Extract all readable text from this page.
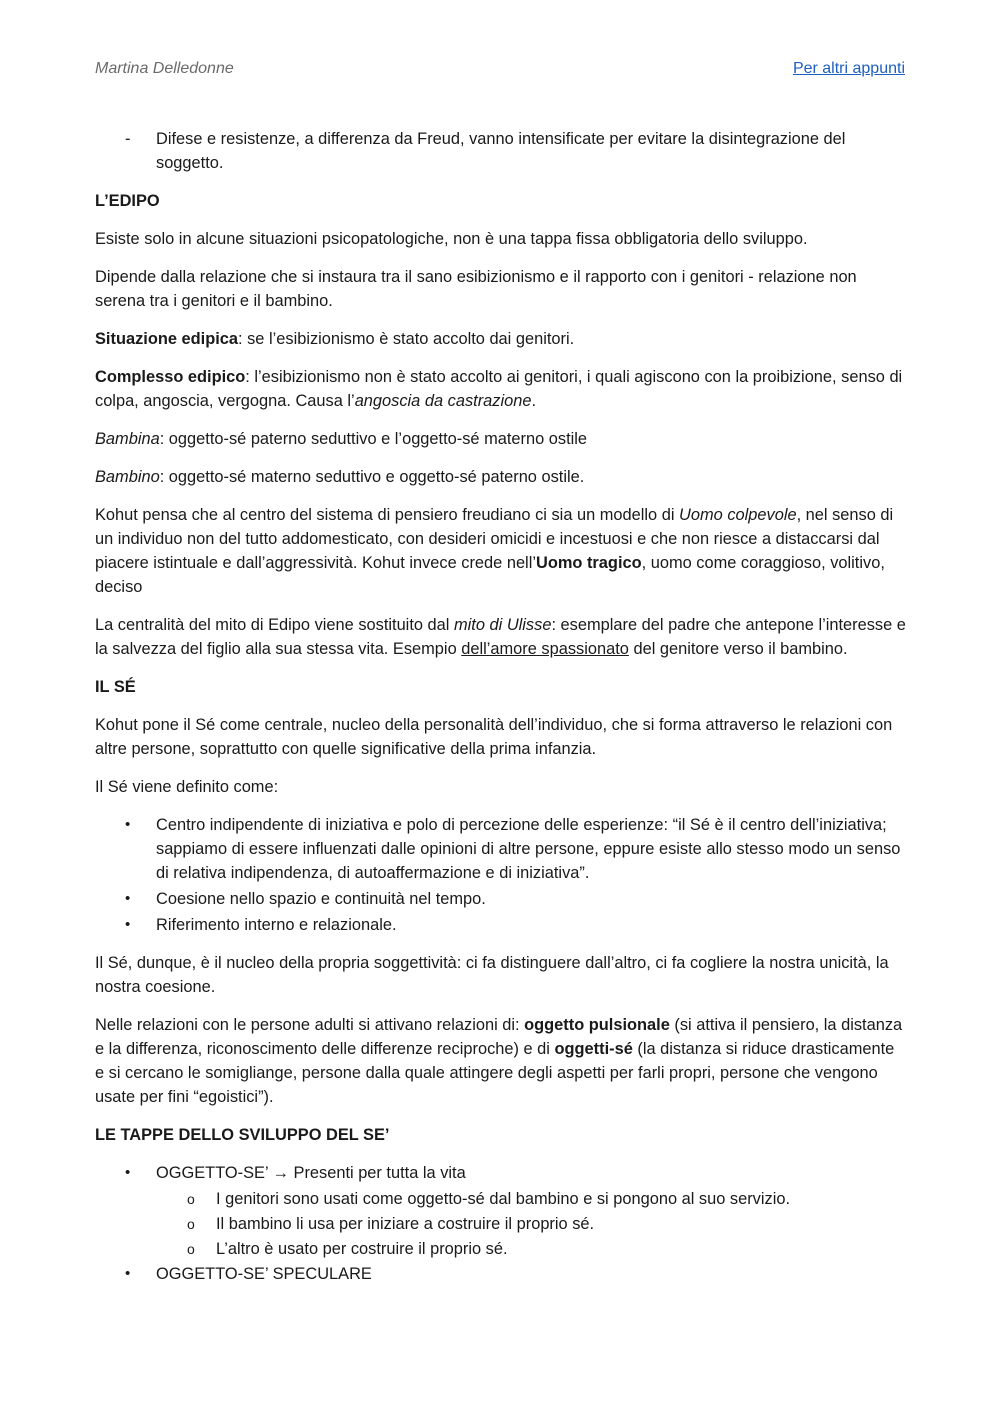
Martina Delledonne	Per altri appunti
- Difese e resistenze, a differenza da Freud, vanno intensificate per evitare la disintegrazione del soggetto.
L’EDIPO

Esiste solo in alcune situazioni psicopatologiche, non è una tappa fissa obbligatoria dello sviluppo.

Dipende dalla relazione che si instaura tra il sano esibizionismo e il rapporto con i genitori - relazione non serena tra i genitori e il bambino.

Situazione edipica: se l’esibizionismo è stato accolto dai genitori.

Complesso edipico: l’esibizionismo non è stato accolto ai genitori, i quali agiscono con la proibizione, senso di colpa, angoscia, vergogna. Causa l’angoscia da castrazione.

Bambina: oggetto-sé paterno seduttivo e l’oggetto-sé materno ostile

Bambino: oggetto-sé materno seduttivo e oggetto-sé paterno ostile.

Kohut pensa che al centro del sistema di pensiero freudiano ci sia un modello di Uomo colpevole, nel senso di un individuo non del tutto addomesticato, con desideri omicidi e incestuosi e che non riesce a distaccarsi dal piacere istintuale e dall’aggressività. Kohut invece crede nell’Uomo tragico, uomo come coraggioso, volitivo, deciso

La centralità del mito di Edipo viene sostituito dal mito di Ulisse: esemplare del padre che antepone l’interesse e la salvezza del figlio alla sua stessa vita. Esempio dell’amore spassionato del genitore verso il bambino.

IL SÉ

Kohut pone il Sé come centrale, nucleo della personalità dell’individuo, che si forma attraverso le relazioni con altre persone, soprattutto con quelle significative della prima infanzia.

Il Sé viene definito come:

• Centro indipendente di iniziativa e polo di percezione delle esperienze: “il Sé è il centro dell’iniziativa; sappiamo di essere influenzati dalle opinioni di altre persone, eppure esiste allo stesso modo un senso di relativa indipendenza, di autoaffermazione e di iniziativa”.
• Coesione nello spazio e continuità nel tempo.
• Riferimento interno e relazionale.

Il Sé, dunque, è il nucleo della propria soggettività: ci fa distinguere dall’altro, ci fa cogliere la nostra unicità, la nostra coesione.

Nelle relazioni con le persone adulti si attivano relazioni di: oggetto pulsionale (si attiva il pensiero, la distanza e la differenza, riconoscimento delle differenze reciproche) e di oggetti-sé (la distanza si riduce drasticamente e si cercano le somigliange, persone dalla quale attingere degli aspetti per farli propri, persone che vengono usate per fini “egoistici”).

LE TAPPE DELLO SVILUPPO DEL SE’
• OGGETTO-SE’ → Presenti per tutta la vita
o I genitori sono usati come oggetto-sé dal bambino e si pongono al suo servizio.
o Il bambino li usa per iniziare a costruire il proprio sé.
o L’altro è usato per costruire il proprio sé.
• OGGETTO-SE’ SPECULARE
